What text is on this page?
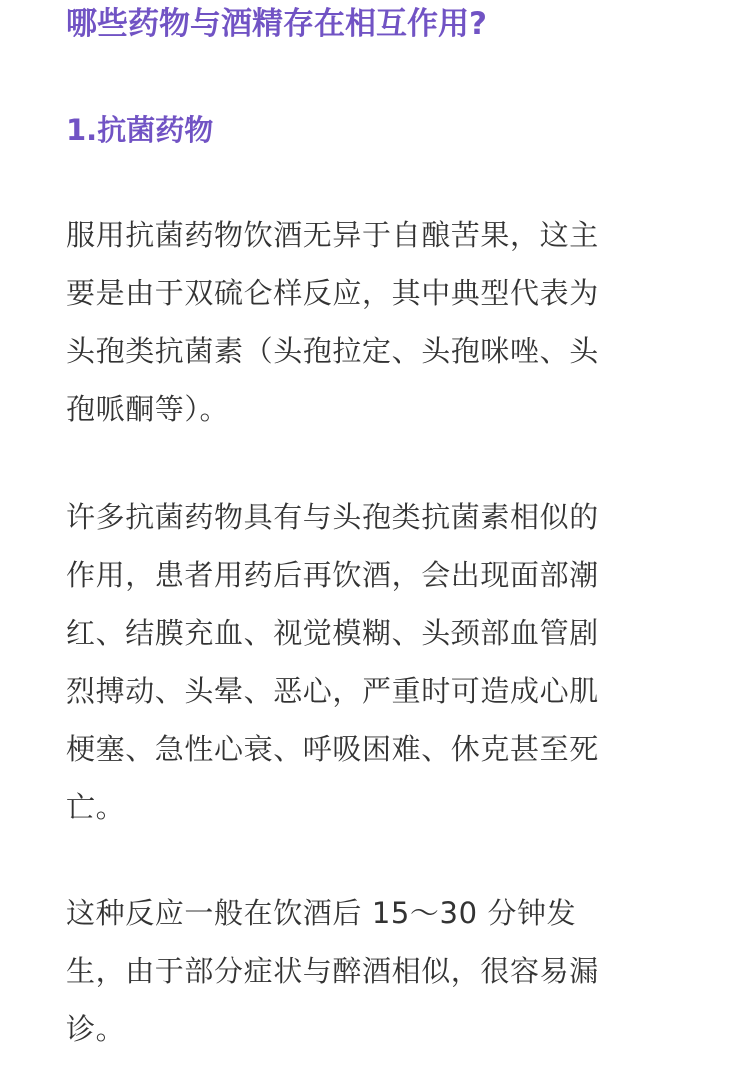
哪些药物与酒精存在相互作用?
1.抗菌药物
服用抗菌药物饮酒无异于自酿苦果，这主
要是由于双硫仑样反应，其中典型代表为
头孢类抗菌素（头孢拉定、头孢咪唑、头
孢哌酮等）。
许多抗菌药物具有与头孢类抗菌素相似的
作用，患者用药后再饮酒，会出现面部潮
红、结膜充血、视觉模糊、头颈部血管剧
烈搏动、头晕、恶心，严重时可造成心肌
梗塞、急性心衰、呼吸困难、休克甚至死
亡。
这种反应一般在饮酒后 15～30 分钟发
生，由于部分症状与醉酒相似，很容易漏
诊。
